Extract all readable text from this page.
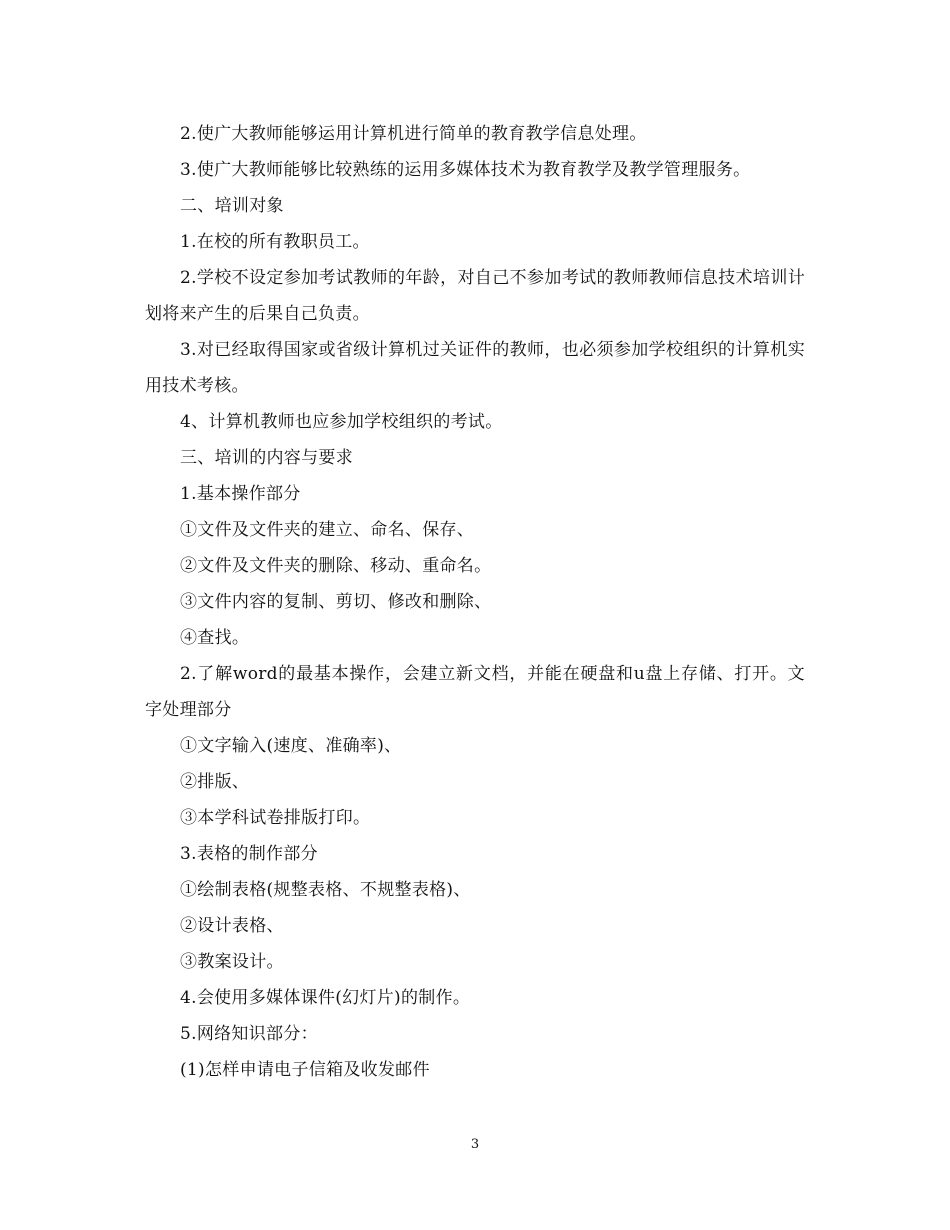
2.使广大教师能够运用计算机进行简单的教育教学信息处理。

3.使广大教师能够比较熟练的运用多媒体技术为教育教学及教学管理服务。

二、培训对象

1.在校的所有教职员工。

2.学校不设定参加考试教师的年龄，对自己不参加考试的教师教师信息技术培训计划将来产生的后果自己负责。

3.对已经取得国家或省级计算机过关证件的教师，也必须参加学校组织的计算机实用技术考核。

4、计算机教师也应参加学校组织的考试。

三、培训的内容与要求

1.基本操作部分

①文件及文件夹的建立、命名、保存、

②文件及文件夹的删除、移动、重命名。

③文件内容的复制、剪切、修改和删除、

④查找。

2.了解word的最基本操作，会建立新文档，并能在硬盘和u盘上存储、打开。文字处理部分

①文字输入(速度、准确率)、

②排版、

③本学科试卷排版打印。

3.表格的制作部分

①绘制表格(规整表格、不规整表格)、

②设计表格、

③教案设计。

4.会使用多媒体课件(幻灯片)的制作。

5.网络知识部分：

(1)怎样申请电子信箱及收发邮件

3
